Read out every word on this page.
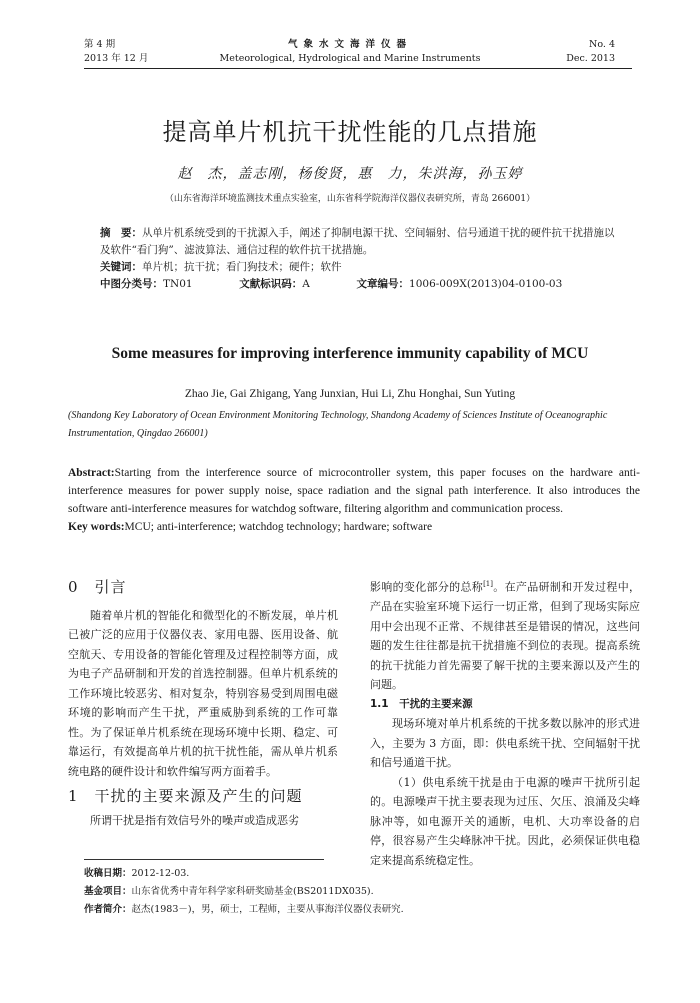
第 4 期
2013 年 12 月
气象水文海洋仪器
Meteorological, Hydrological and Marine Instruments
No. 4
Dec. 2013
提高单片机抗干扰性能的几点措施
赵　杰，盖志刚，杨俊贤，惠　力，朱洪海，孙玉婷
（山东省海洋环境监测技术重点实验室，山东省科学院海洋仪器仪表研究所，青岛 266001）
摘　要：从单片机系统受到的干扰源入手，阐述了抑制电源干扰、空间辐射、信号通道干扰的硬件抗干扰措施以及软件“看门狗”、滤波算法、通信过程的软件抗干扰措施。
关键词：单片机；抗干扰；看门狗技术；硬件；软件
中图分类号：TN01	文献标识码：A	文章编号：1006-009X(2013)04-0100-03
Some measures for improving interference immunity capability of MCU
Zhao Jie, Gai Zhigang, Yang Junxian, Hui Li, Zhu Honghai, Sun Yuting
(Shandong Key Laboratory of Ocean Environment Monitoring Technology, Shandong Academy of Sciences Institute of Oceanographic Instrumentation, Qingdao 266001)
Abstract:Starting from the interference source of microcontroller system, this paper focuses on the hardware anti-interference measures for power supply noise, space radiation and the signal path interference. It also introduces the software anti-interference measures for watchdog software, filtering algorithm and communication process.
Key words:MCU; anti-interference; watchdog technology; hardware; software
0　引言

随着单片机的智能化和微型化的不断发展，单片机已被广泛的应用于仪器仪表、家用电器、医用设备、航空航天、专用设备的智能化管理及过程控制等方面，成为电子产品研制和开发的首选控制器。但单片机系统的工作环境比较恶劣、相对复杂，特别容易受到周围电磁环境的影响而产生干扰，严重威胁到系统的工作可靠性。为了保证单片机系统在现场环境中长期、稳定、可靠运行，有效提高单片机的抗干扰性能，需从单片机系统电路的硬件设计和软件编写两方面着手。

1　干扰的主要来源及产生的问题

所谓干扰是指有效信号外的噪声或造成恶劣

影响的变化部分的总称[1]。在产品研制和开发过程中，产品在实验室环境下运行一切正常，但到了现场实际应用中会出现不正常、不规律甚至是错误的情况，这些问题的发生往往都是抗干扰措施不到位的表现。提高系统的抗干扰能力首先需要了解干扰的主要来源以及产生的问题。

1.1　干扰的主要来源

现场环境对单片机系统的干扰多数以脉冲的形式进入，主要为 3 方面，即：供电系统干扰、空间辐射干扰和信号通道干扰。

（1）供电系统干扰是由于电源的噪声干扰所引起的。电源噪声干扰主要表现为过压、欠压、浪涌及尖峰脉冲等，如电源开关的通断，电机、大功率设备的启停，很容易产生尖峰脉冲干扰。因此，必须保证供电稳定来提高系统稳定性。

收稿日期：2012-12-03.
基金项目：山东省优秀中青年科学家科研奖励基金(BS2011DX035).
作者简介：赵杰(1983－)，男，硕士，工程师，主要从事海洋仪器仪表研究.
